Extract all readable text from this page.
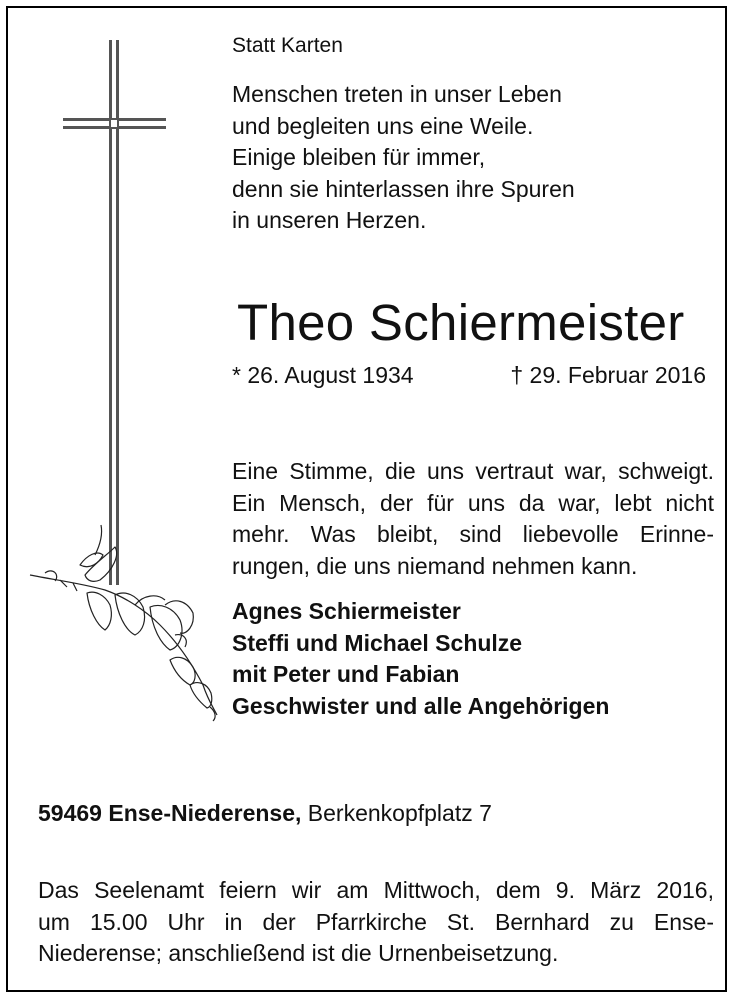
Statt Karten

Menschen treten in unser Leben
und begleiten uns eine Weile.
Einige bleiben für immer,
denn sie hinterlassen ihre Spuren
in unseren Herzen.
Theo Schiermeister
* 26. August 1934	† 29. Februar 2016
Eine Stimme, die uns vertraut war, schweigt.
Ein Mensch, der für uns da war, lebt nicht
mehr. Was bleibt, sind liebevolle Erinne-
rungen, die uns niemand nehmen kann.
Agnes Schiermeister
Steffi und Michael Schulze
mit Peter und Fabian
Geschwister und alle Angehörigen
59469 Ense-Niederense, Berkenkopfplatz 7
Das Seelenamt feiern wir am Mittwoch, dem 9. März 2016,
um 15.00 Uhr in der Pfarrkirche St. Bernhard zu Ense-
Niederense; anschließend ist die Urnenbeisetzung.
